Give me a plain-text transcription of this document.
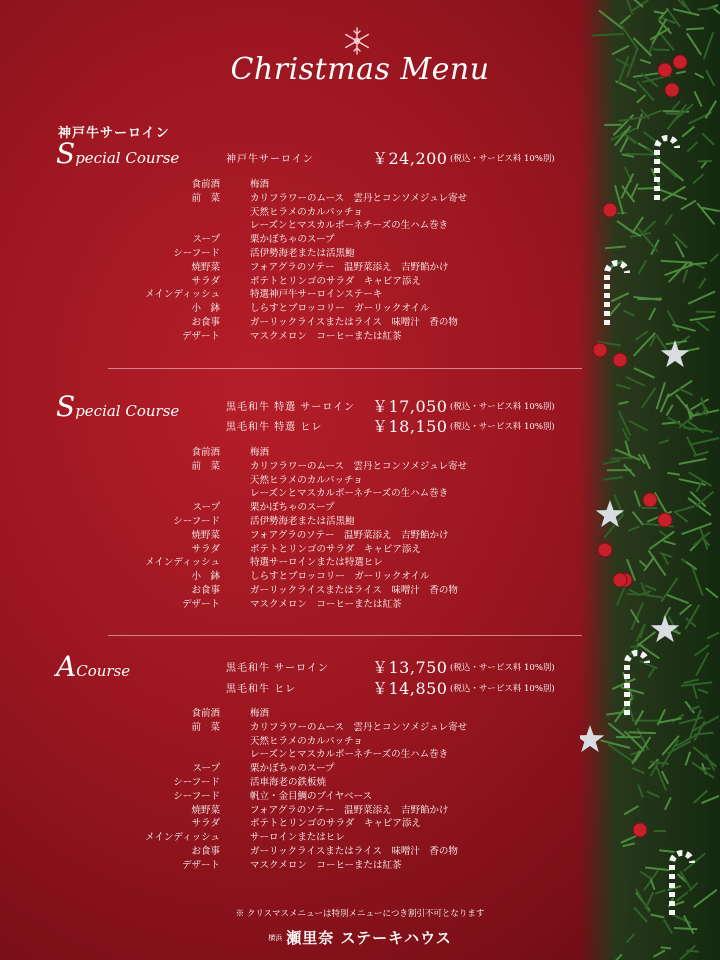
Christmas Menu
神戸牛サーロイン
Special Course	神戸牛サーロイン	￥24,200 (税込・サービス料 10%別)
食前酒	梅酒
前　菜	カリフラワーのムース　雲丹とコンソメジュレ寄せ
天然ヒラメのカルパッチョ
レーズンとマスカルポーネチーズの生ハム巻き
スープ	栗かぼちゃのスープ
シーフード	活伊勢海老または活黒鮑
焼野菜	フォアグラのソテー　温野菜添え　吉野餡かけ
サラダ	ポテトとリンゴのサラダ　キャビア添え
メインディッシュ	特選神戸牛サーロインステーキ
小　鉢	しらすとブロッコリー　ガーリックオイル
お食事	ガーリックライスまたはライス　味噌汁　香の物
デザート	マスクメロン　コーヒーまたは紅茶
Special Course	黒毛和牛 特選 サーロイン ￥17,050 (税込・サービス料 10%別)
黒毛和牛 特選 ヒレ	￥18,150 (税込・サービス料 10%別)
食前酒	梅酒
前　菜	カリフラワーのムース　雲丹とコンソメジュレ寄せ
天然ヒラメのカルパッチョ
レーズンとマスカルポーネチーズの生ハム巻き
スープ	栗かぼちゃのスープ
シーフード	活伊勢海老または活黒鮑
焼野菜	フォアグラのソテー　温野菜添え　吉野餡かけ
サラダ	ポテトとリンゴのサラダ　キャビア添え
メインディッシュ	特選サーロインまたは特選ヒレ
小　鉢	しらすとブロッコリー　ガーリックオイル
お食事	ガーリックライスまたはライス　味噌汁　香の物
デザート	マスクメロン　コーヒーまたは紅茶
ACourse	黒毛和牛 サーロイン	￥13,750 (税込・サービス料 10%別)
黒毛和牛 ヒレ	￥14,850 (税込・サービス料 10%別)
食前酒	梅酒
前　菜	カリフラワーのムース　雲丹とコンソメジュレ寄せ
天然ヒラメのカルパッチョ
レーズンとマスカルポーネチーズの生ハム巻き
スープ	栗かぼちゃのスープ
シーフード	活車海老の鉄板焼
シーフード	帆立・金目鯛のブイヤベース
焼野菜	フォアグラのソテー　温野菜添え　吉野餡かけ
サラダ	ポテトとリンゴのサラダ　キャビア添え
メインディッシュ	サーロインまたはヒレ
お食事	ガーリックライスまたはライス　味噌汁　香の物
デザート	マスクメロン　コーヒーまたは紅茶
※ クリスマスメニューは特別メニューにつき割引不可となります
横浜 瀬里奈 ステーキハウス
